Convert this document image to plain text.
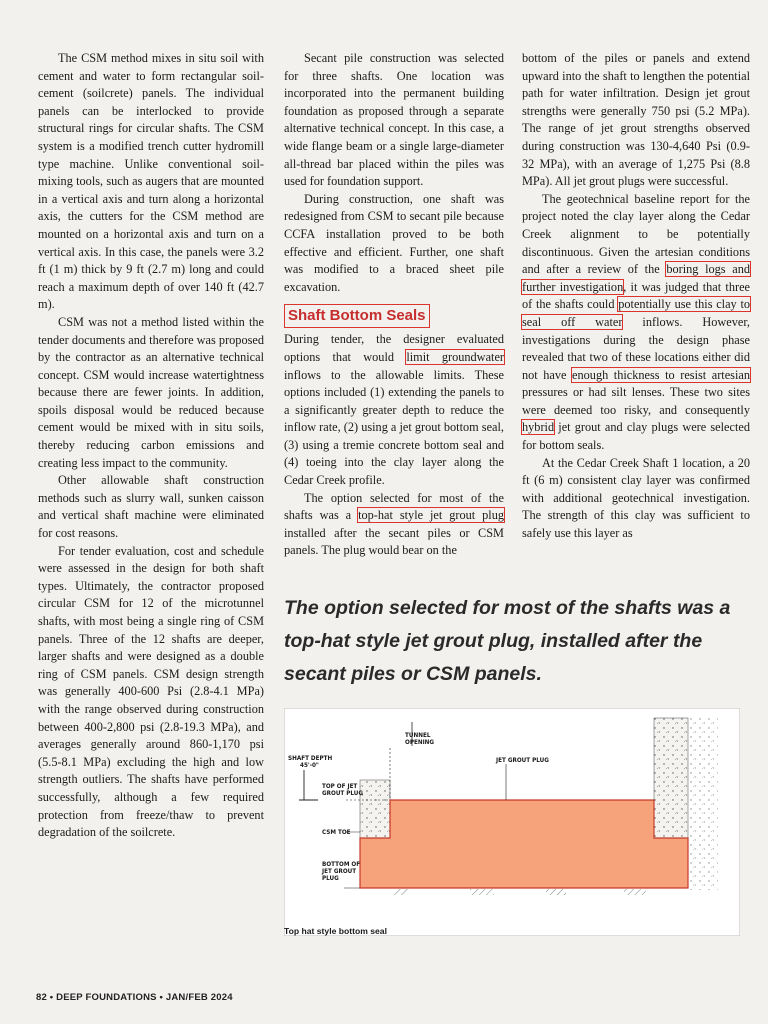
The CSM method mixes in situ soil with cement and water to form rectangular soil-cement (soilcrete) panels. The individual panels can be interlocked to provide structural rings for circular shafts. The CSM system is a modified trench cutter hydromill type machine. Unlike conventional soil-mixing tools, such as augers that are mounted in a vertical axis and turn along a horizontal axis, the cutters for the CSM method are mounted on a horizontal axis and turn on a vertical axis. In this case, the panels were 3.2 ft (1 m) thick by 9 ft (2.7 m) long and could reach a maximum depth of over 140 ft (42.7 m).

CSM was not a method listed within the tender documents and therefore was proposed by the contractor as an alternative technical concept. CSM would increase watertightness because there are fewer joints. In addition, spoils disposal would be reduced because cement would be mixed with in situ soils, thereby reducing carbon emissions and creating less impact to the community.

Other allowable shaft construction methods such as slurry wall, sunken caisson and vertical shaft machine were eliminated for cost reasons.

For tender evaluation, cost and schedule were assessed in the design for both shaft types. Ultimately, the contractor proposed circular CSM for 12 of the microtunnel shafts, with most being a single ring of CSM panels. Three of the 12 shafts are deeper, larger shafts and were designed as a double ring of CSM panels. CSM design strength was generally 400-600 Psi (2.8-4.1 MPa) with the range observed during construction between 400-2,800 psi (2.8-19.3 MPa), and averages generally around 860-1,170 psi (5.5-8.1 MPa) excluding the high and low strength outliers. The shafts have performed successfully, although a few required protection from freeze/thaw to prevent degradation of the soilcrete.

Secant pile construction was selected for three shafts. One location was incorporated into the permanent building foundation as proposed through a separate alternative technical concept. In this case, a wide flange beam or a single large-diameter all-thread bar placed within the piles was used for foundation support.

During construction, one shaft was redesigned from CSM to secant pile because CCFA installation proved to be both effective and efficient. Further, one shaft was modified to a braced sheet pile excavation.

Shaft Bottom Seals

During tender, the designer evaluated options that would limit groundwater inflows to the allowable limits. These options included (1) extending the panels to a significantly greater depth to reduce the inflow rate, (2) using a jet grout bottom seal, (3) using a tremie concrete bottom seal and (4) toeing into the clay layer along the Cedar Creek profile.

The option selected for most of the shafts was a top-hat style jet grout plug installed after the secant piles or CSM panels. The plug would bear on the

bottom of the piles or panels and extend upward into the shaft to lengthen the potential path for water infiltration. Design jet grout strengths were generally 750 psi (5.2 MPa). The range of jet grout strengths observed during construction was 130-4,640 Psi (0.9-32 MPa), with an average of 1,275 Psi (8.8 MPa). All jet grout plugs were successful.

The geotechnical baseline report for the project noted the clay layer along the Cedar Creek alignment to be potentially discontinuous. Given the artesian conditions and after a review of the boring logs and further investigation, it was judged that three of the shafts could potentially use this clay to seal off water inflows. However, investigations during the design phase revealed that two of these locations either did not have enough thickness to resist artesian pressures or had silt lenses. These two sites were deemed too risky, and consequently hybrid jet grout and clay plugs were selected for bottom seals.

At the Cedar Creek Shaft 1 location, a 20 ft (6 m) consistent clay layer was confirmed with additional geotechnical investigation. The strength of this clay was sufficient to safely use this layer as

The option selected for most of the shafts was a top-hat style jet grout plug, installed after the secant piles or CSM panels.

TUNNEL
OPENING
JET GROUT PLUG
SHAFT DEPTH
45'-0"
TOP OF JET
GROUT PLUG
CSM TOE
BOTTOM OF
JET GROUT
PLUG
Top hat style bottom seal
82 • DEEP FOUNDATIONS • JAN/FEB 2024
